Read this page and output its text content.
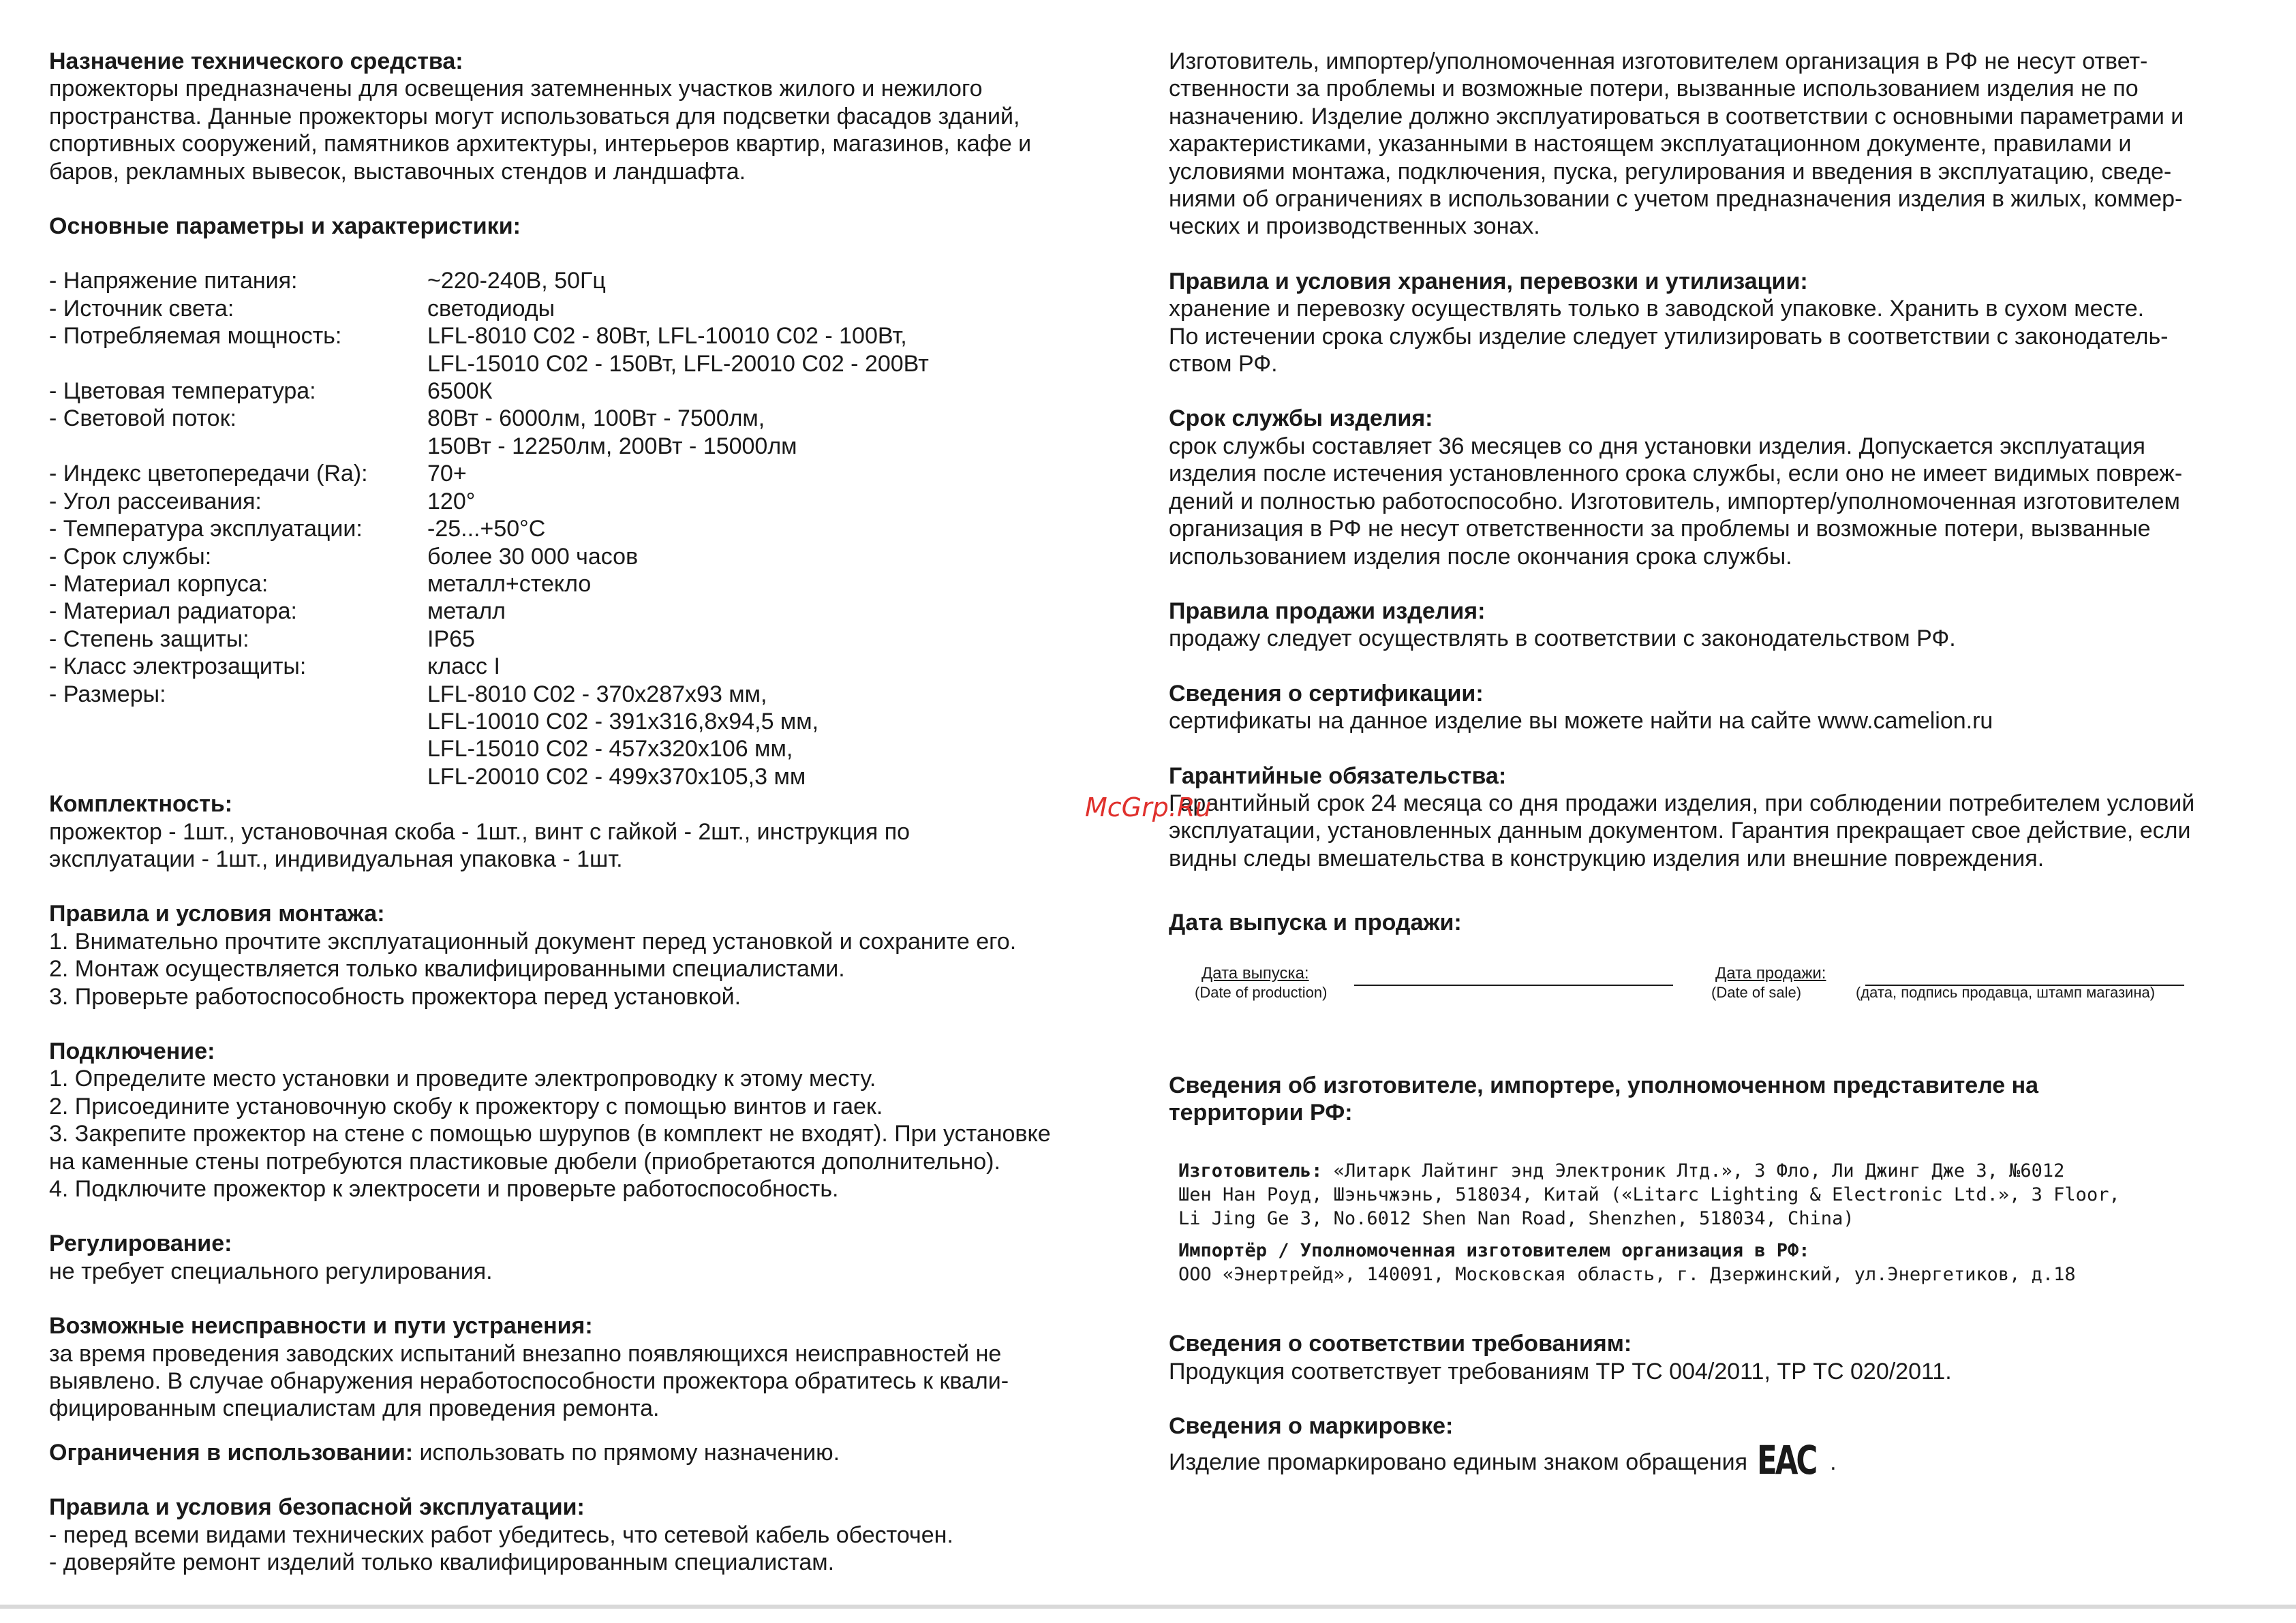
Назначение технического средства:
прожекторы предназначены для освещения затемненных участков жилого и нежилого
пространства. Данные прожекторы могут использоваться для подсветки фасадов зданий,
спортивных сооружений, памятников архитектуры, интерьеров квартир, магазинов, кафе и
баров, рекламных вывесок, выставочных стендов и ландшафта.
Основные параметры и характеристики:
- Напряжение питания:	~220-240В, 50Гц
- Источник света:	светодиоды
- Потребляемая мощность:	LFL-8010 C02 - 80Вт, LFL-10010 C02 - 100Вт,
LFL-15010 C02 - 150Вт, LFL-20010 C02 - 200Вт
- Цветовая температура:	6500К
- Световой поток:	80Вт - 6000лм, 100Вт - 7500лм,
150Вт - 12250лм, 200Вт - 15000лм
- Индекс цветопередачи (Ra):	70+
- Угол рассеивания:	120°
- Температура эксплуатации:	-25...+50°С
- Срок службы:	более 30 000 часов
- Материал корпуса:	металл+стекло
- Материал радиатора:	металл
- Степень защиты:	IP65
- Класс электрозащиты:	класс I
- Размеры:	LFL-8010 C02 - 370x287x93 мм,
LFL-10010 C02 - 391x316,8x94,5 мм,
LFL-15010 C02 - 457x320x106 мм,
LFL-20010 C02 - 499x370x105,3 мм
Комплектность:
прожектор - 1шт., установочная скоба - 1шт., винт с гайкой - 2шт., инструкция по
эксплуатации - 1шт., индивидуальная упаковка - 1шт.
Правила и условия монтажа:
1. Внимательно прочтите эксплуатационный документ перед установкой и сохраните его.
2. Монтаж осуществляется только квалифицированными специалистами.
3. Проверьте работоспособность прожектора перед установкой.
Подключение:
1. Определите место установки и проведите электропроводку к этому месту.
2. Присоедините установочную скобу к прожектору с помощью винтов и гаек.
3. Закрепите прожектор на стене с помощью шурупов (в комплект не входят). При установке
на каменные стены потребуются пластиковые дюбели (приобретаются дополнительно).
4. Подключите прожектор к электросети и проверьте работоспособность.
Регулирование:
не требует специального регулирования.
Возможные неисправности и пути устранения:
за время проведения заводских испытаний внезапно появляющихся неисправностей не
выявлено. В случае обнаружения неработоспособности прожектора обратитесь к квали-
фицированным специалистам для проведения ремонта.
Ограничения в использовании: использовать по прямому назначению.
Правила и условия безопасной эксплуатации:
- перед всеми видами технических работ убедитесь, что сетевой кабель обесточен.
- доверяйте ремонт изделий только квалифицированным специалистам.
Изготовитель, импортер/уполномоченная изготовителем организация в РФ не несут ответ-
ственности за проблемы и возможные потери, вызванные использованием изделия не по
назначению. Изделие должно эксплуатироваться в соответствии с основными параметрами и
характеристиками, указанными в настоящем эксплуатационном документе, правилами и
условиями монтажа, подключения, пуска, регулирования и введения в эксплуатацию, сведе-
ниями об ограничениях в использовании с учетом предназначения изделия в жилых, коммер-
ческих и производственных зонах.
Правила и условия хранения, перевозки и утилизации:
хранение и перевозку осуществлять только в заводской упаковке. Хранить в сухом месте.
По истечении срока службы изделие следует утилизировать в соответствии с законодатель-
ством РФ.
Срок службы изделия:
срок службы составляет 36 месяцев со дня установки изделия. Допускается эксплуатация
изделия после истечения установленного срока службы, если оно не имеет видимых повреж-
дений и полностью работоспособно. Изготовитель, импортер/уполномоченная изготовителем
организация в РФ не несут ответственности за проблемы и возможные потери, вызванные
использованием изделия после окончания срока службы.
Правила продажи изделия:
продажу следует осуществлять в соответствии с законодательством РФ.
Сведения о сертификации:
сертификаты на данное изделие вы можете найти на сайте www.camelion.ru
Гарантийные обязательства:
Гарантийный срок 24 месяца со дня продажи изделия, при соблюдении потребителем условий
эксплуатации, установленных данным документом. Гарантия прекращает свое действие, если
видны следы вмешательства в конструкцию изделия или внешние повреждения.
Дата выпуска и продажи:
Дата выпуска:
(Date of production)
Дата продажи:
(Date of sale)	(дата, подпись продавца, штамп магазина)
Сведения об изготовителе, импортере, уполномоченном представителе на
территории РФ:
Изготовитель: «Литарк Лайтинг энд Электроник Лтд.», 3 Фло, Ли Джинг Дже 3, №6012
Шен Нан Роуд, Шэньчжэнь, 518034, Китай («Litarc Lighting & Electronic Ltd.», 3 Floor,
Li Jing Ge 3, No.6012 Shen Nan Road, Shenzhen, 518034, China)
Импортёр / Уполномоченная изготовителем организация в РФ:
ООО «Энертрейд», 140091, Московская область, г. Дзержинский, ул.Энергетиков, д.18
Сведения о соответствии требованиям:
Продукция соответствует требованиям ТР ТС 004/2011, ТР ТС 020/2011.
Сведения о маркировке:
Изделие промаркировано единым знаком обращения EAC .
McGrp.Ru
